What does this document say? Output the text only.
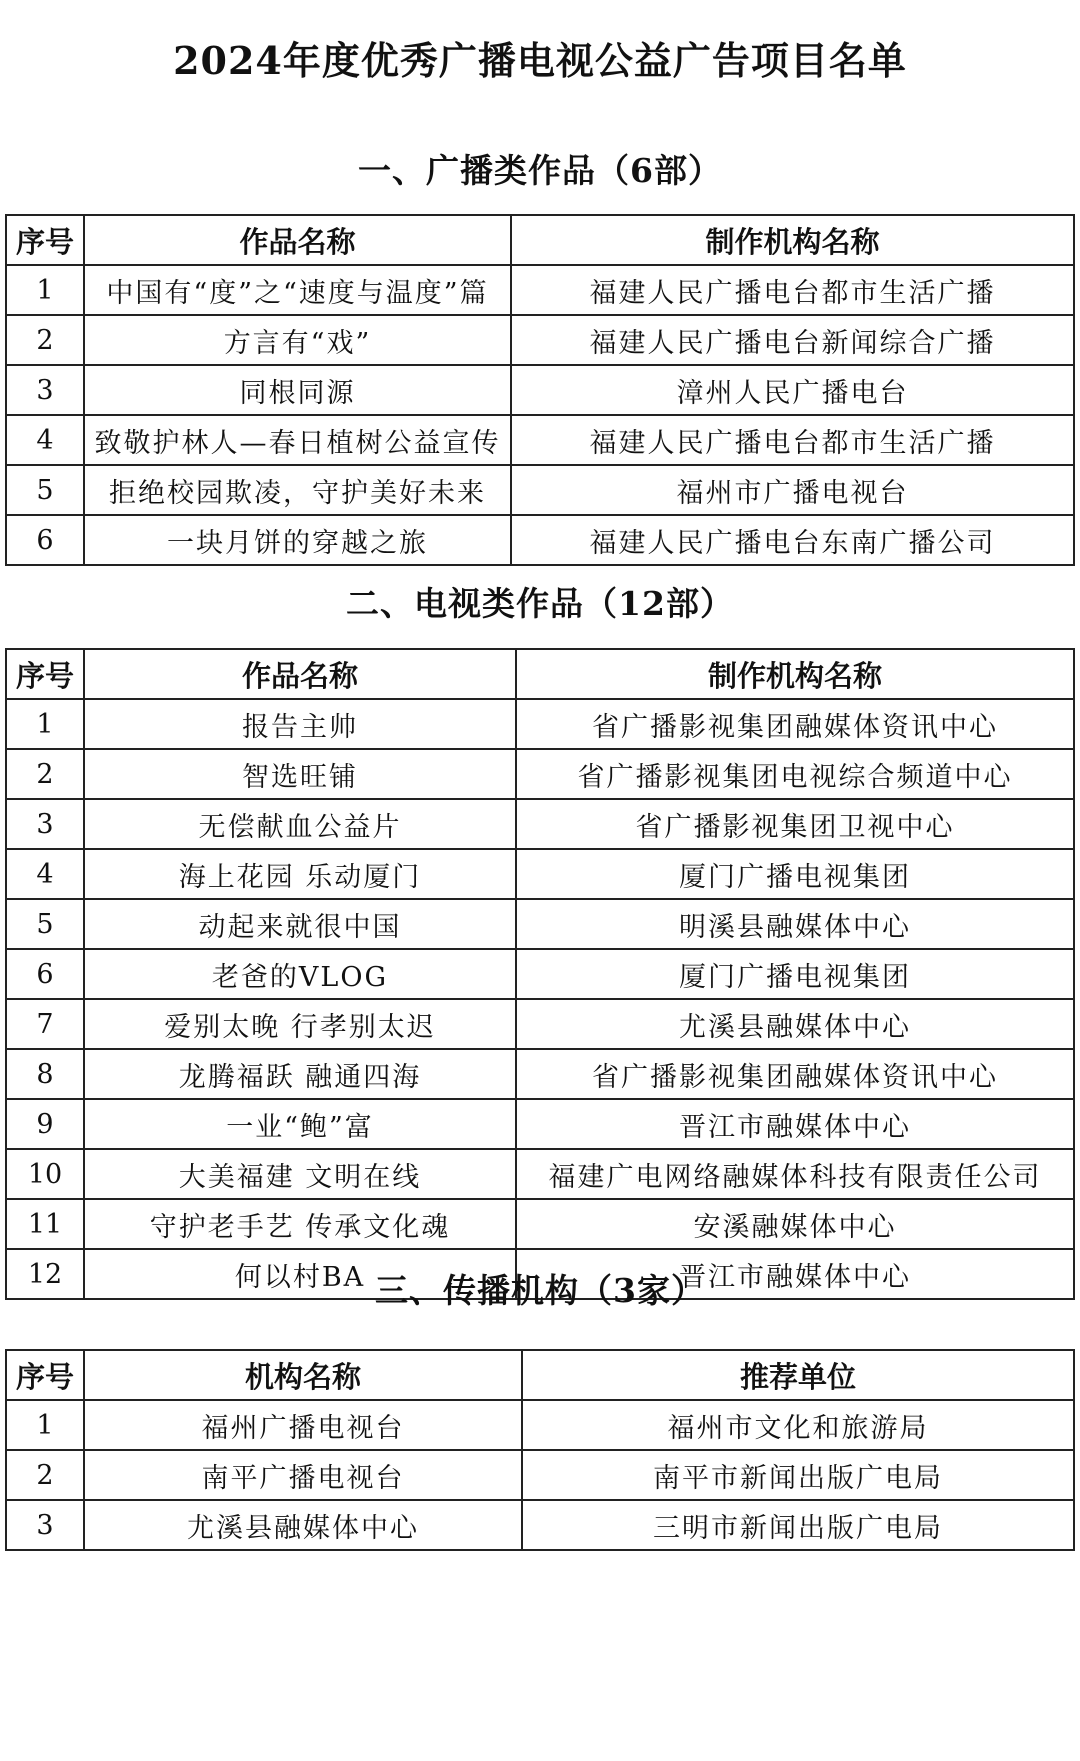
2024年度优秀广播电视公益广告项目名单
一、广播类作品（6部）
序号	作品名称	制作机构名称
1	中国有“度”之“速度与温度”篇	福建人民广播电台都市生活广播
2	方言有“戏”	福建人民广播电台新闻综合广播
3	同根同源	漳州人民广播电台
4	致敬护林人—春日植树公益宣传	福建人民广播电台都市生活广播
5	拒绝校园欺凌，守护美好未来	福州市广播电视台
6	一块月饼的穿越之旅	福建人民广播电台东南广播公司
二、电视类作品（12部）
序号	作品名称	制作机构名称
1	报告主帅	省广播影视集团融媒体资讯中心
2	智选旺铺	省广播影视集团电视综合频道中心
3	无偿献血公益片	省广播影视集团卫视中心
4	海上花园 乐动厦门	厦门广播电视集团
5	动起来就很中国	明溪县融媒体中心
6	老爸的VLOG	厦门广播电视集团
7	爱别太晚 行孝别太迟	尤溪县融媒体中心
8	龙腾福跃 融通四海	省广播影视集团融媒体资讯中心
9	一业“鲍”富	晋江市融媒体中心
10	大美福建 文明在线	福建广电网络融媒体科技有限责任公司
11	守护老手艺 传承文化魂	安溪融媒体中心
12	何以村BA	晋江市融媒体中心
三、传播机构（3家）
序号	机构名称	推荐单位
1	福州广播电视台	福州市文化和旅游局
2	南平广播电视台	南平市新闻出版广电局
3	尤溪县融媒体中心	三明市新闻出版广电局
